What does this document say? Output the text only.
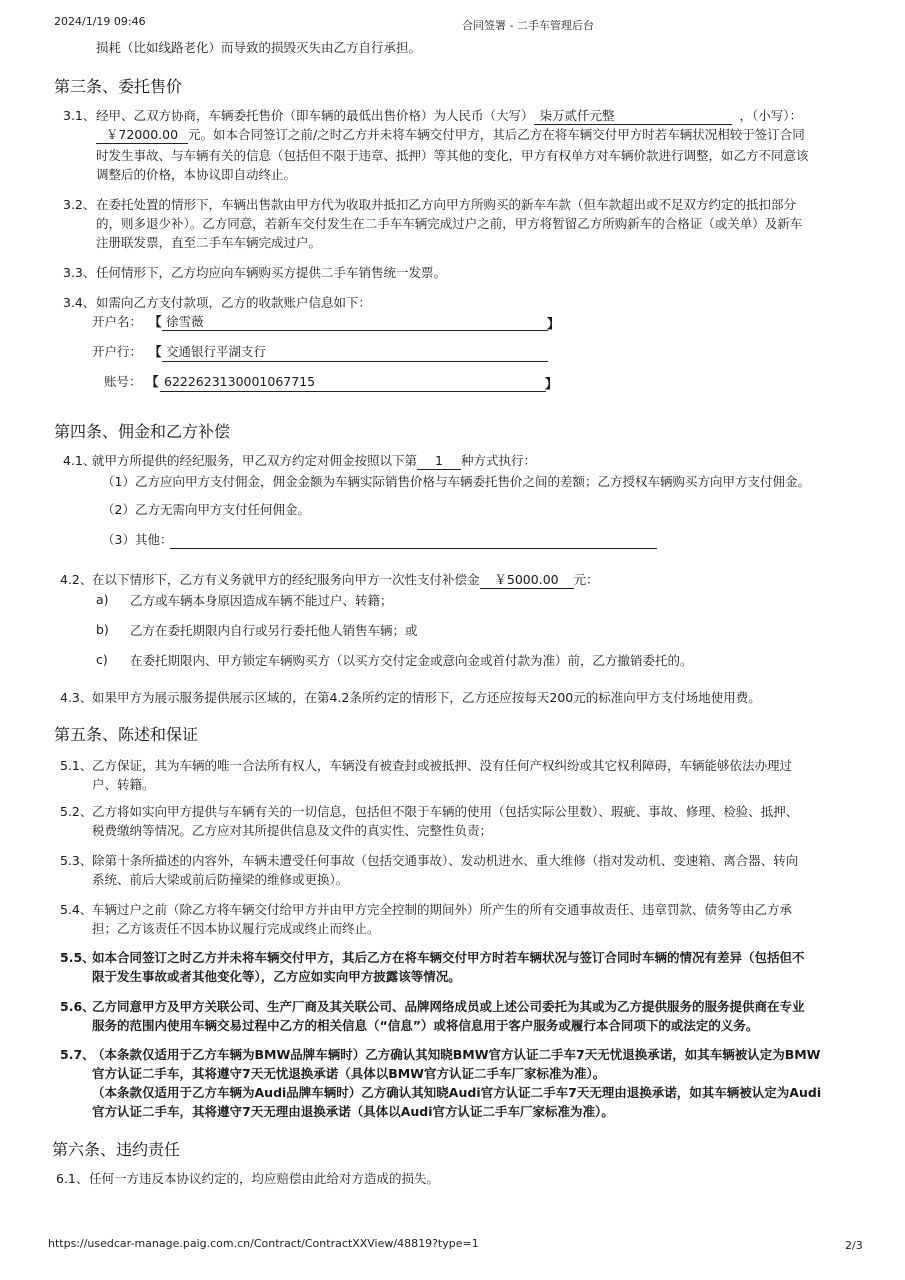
2024/1/19 09:46	合同签署 - 二手车管理后台
损耗（比如线路老化）而导致的损毁灭失由乙方自行承担。
第三条、委托售价
3.1、 经甲、乙双方协商，车辆委托售价（即车辆的最低出售价格）为人民币（大写） 柒万贰仟元整	，（小写）：
￥72000.00 元。如本合同签订之前/之时乙方并未将车辆交付甲方，其后乙方在将车辆交付甲方时若车辆状况相较于签订合同
时发生事故、与车辆有关的信息（包括但不限于违章、抵押）等其他的变化，甲方有权单方对车辆价款进行调整，如乙方不同意该
调整后的价格，本协议即自动终止。
3.2、 在委托处置的情形下，车辆出售款由甲方代为收取并抵扣乙方向甲方所购买的新车车款（但车款超出或不足双方约定的抵扣部分
的，则多退少补）。乙方同意，若新车交付发生在二手车车辆完成过户之前，甲方将暂留乙方所购新车的合格证（或关单）及新车
注册联发票，直至二手车车辆完成过户。
3.3、 任何情形下，乙方均应向车辆购买方提供二手车销售统一发票。
3.4、 如需向乙方支付款项，乙方的收款账户信息如下：
开户名： 【 徐雪薇	】
开户行： 【 交通银行平湖支行
账号： 【 6222623130001067715	】
第四条、佣金和乙方补偿
4.1、
就甲方所提供的经纪服务，甲乙双方约定对佣金按照以下第 1 种方式执行：
（1）乙方应向甲方支付佣金，佣金金额为车辆实际销售价格与车辆委托售价之间的差额；乙方授权车辆购买方向甲方支付佣金。
（2）乙方无需向甲方支付任何佣金。
（3）其他：
4.2、 在以下情形下，乙方有义务就甲方的经纪服务向甲方一次性支付补偿金 ￥5000.00 元：
a) 乙方或车辆本身原因造成车辆不能过户、转籍；
b) 乙方在委托期限内自行或另行委托他人销售车辆；或
c) 在委托期限内、甲方锁定车辆购买方（以买方交付定金或意向金或首付款为准）前，乙方撤销委托的。
4.3、 如果甲方为展示服务提供展示区域的，在第4.2条所约定的情形下，乙方还应按每天200元的标准向甲方支付场地使用费。
第五条、陈述和保证
5.1、 乙方保证，其为车辆的唯一合法所有权人，车辆没有被查封或被抵押、没有任何产权纠纷或其它权利障碍，车辆能够依法办理过
户、转籍。
5.2、 乙方将如实向甲方提供与车辆有关的一切信息，包括但不限于车辆的使用（包括实际公里数）、瑕疵、事故、修理、检验、抵押、
税费缴纳等情况。乙方应对其所提供信息及文件的真实性、完整性负责；
5.3、 除第十条所描述的内容外，车辆未遭受任何事故（包括交通事故）、发动机进水、重大维修（指对发动机、变速箱、离合器、转向
系统、前后大梁或前后防撞梁的维修或更换）。
5.4、 车辆过户之前（除乙方将车辆交付给甲方并由甲方完全控制的期间外）所产生的所有交通事故责任、违章罚款、债务等由乙方承
担；乙方该责任不因本协议履行完成或终止而终止。
5.5、
如本合同签订之时乙方并未将车辆交付甲方，其后乙方在将车辆交付甲方时若车辆状况与签订合同时车辆的情况有差异（包括但不
限于发生事故或者其他变化等），乙方应如实向甲方披露该等情况。
5.6、
乙方同意甲方及甲方关联公司、生产厂商及其关联公司、品牌网络成员或上述公司委托为其或为乙方提供服务的服务提供商在专业
服务的范围内使用车辆交易过程中乙方的相关信息（“信息”）或将信息用于客户服务或履行本合同项下的或法定的义务。
5.7、
（本条款仅适用于乙方车辆为BMW品牌车辆时）乙方确认其知晓BMW官方认证二手车7天无忧退换承诺，如其车辆被认定为BMW
官方认证二手车，其将遵守7天无忧退换承诺（具体以BMW官方认证二手车厂家标准为准）。
（本条款仅适用于乙方车辆为Audi品牌车辆时）乙方确认其知晓Audi官方认证二手车7天无理由退换承诺，如其车辆被认定为Audi
官方认证二手车，其将遵守7天无理由退换承诺（具体以Audi官方认证二手车厂家标准为准）。
第六条、违约责任
6.1、 任何一方违反本协议约定的，均应赔偿由此给对方造成的损失。
https://usedcar-manage.paig.com.cn/Contract/ContractXXView/48819?type=1	2/3
